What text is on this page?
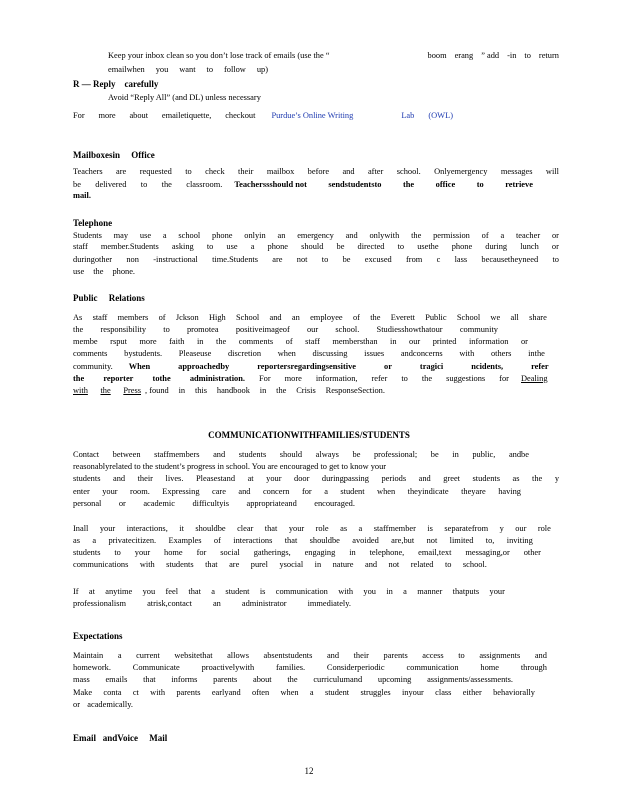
Keep your inbox clean so you don’t lose track of emails (use the “	boom erang ” add -in to return
emailwhen you want to follow up)
R — Reply carefully
Avoid “Reply All” (and DL) unless necessary
For more about emailetiquette, checkout Purdue’s Online Writing	Lab (OWL)
Mailboxesin Office
Teachers are requested to check their mailbox before and after school. Onlyemergency messages will
be delivered to the classroom. Teacherssshould not	sendstudentsto	the	office	to	retrieve
mail.
Telephone
Students may use a school phone onlyin an emergency and onlywith the permission of a teacher or
staff member.Students asking to use a phone should be directed to usethe phone during lunch or
duringother non -instructional time.Students are not to be excused from c lass becausetheyneed to
use the phone.
Public Relations
As staff members of Jckson High School and an employee of the Everett Public School we all share
the responsibility to promotea positiveimageof our school. Studiesshowthatour community
membe rsput more faith in the comments of staff membersthan in our printed information or
comments bystudents. Pleaseuse discretion when discussing issues andconcerns with others inthe
community. When	approachedby	reportersregardingsensitive	or	tragici	ncidents,	refer
the reporter tothe administration. For more information, refer to the suggestions for Dealing
with the Press , found in this handbook in the Crisis ResponseSection.
COMMUNICATIONWITHFAMILIES/STUDENTS
Contact between staffmembers and students should always be professional; be in public, andbe
reasonablyrelated to the student’s progress in school. You are encouraged to get to know your
students and their lives. Pleasestand at your door duringpassing periods and greet students as the y
enter your room. Expressing care and concern for a student when theyindicate theyare having
personal or academic difficultyis appropriateand encouraged.
Inall your interactions, it shouldbe clear that your role as a staffmember is separatefrom y our role
as a privatecitizen. Examples of interactions that shouldbe avoided are,but not limited to, inviting
students to your home for social gatherings, engaging in telephone, email,text messaging,or other
communications with students that are purel ysocial in nature and not related to school.
If at anytime you feel that a student is communication with you in a manner thatputs your
professionalism	atrisk,contact	an	administrator	immediately.
Expectations
Maintain a current websitethat allows absentstudents and their parents access to assignments and
homework.	Communicate	proactivelywith	families.	Considerperiodic	communication	home	through
mass emails that informs parents about the curriculumand upcoming assignments/assessments.
Make conta ct with parents earlyand often when a student struggles inyour class either behaviorally
or academically.
Email andVoice Mail
12
